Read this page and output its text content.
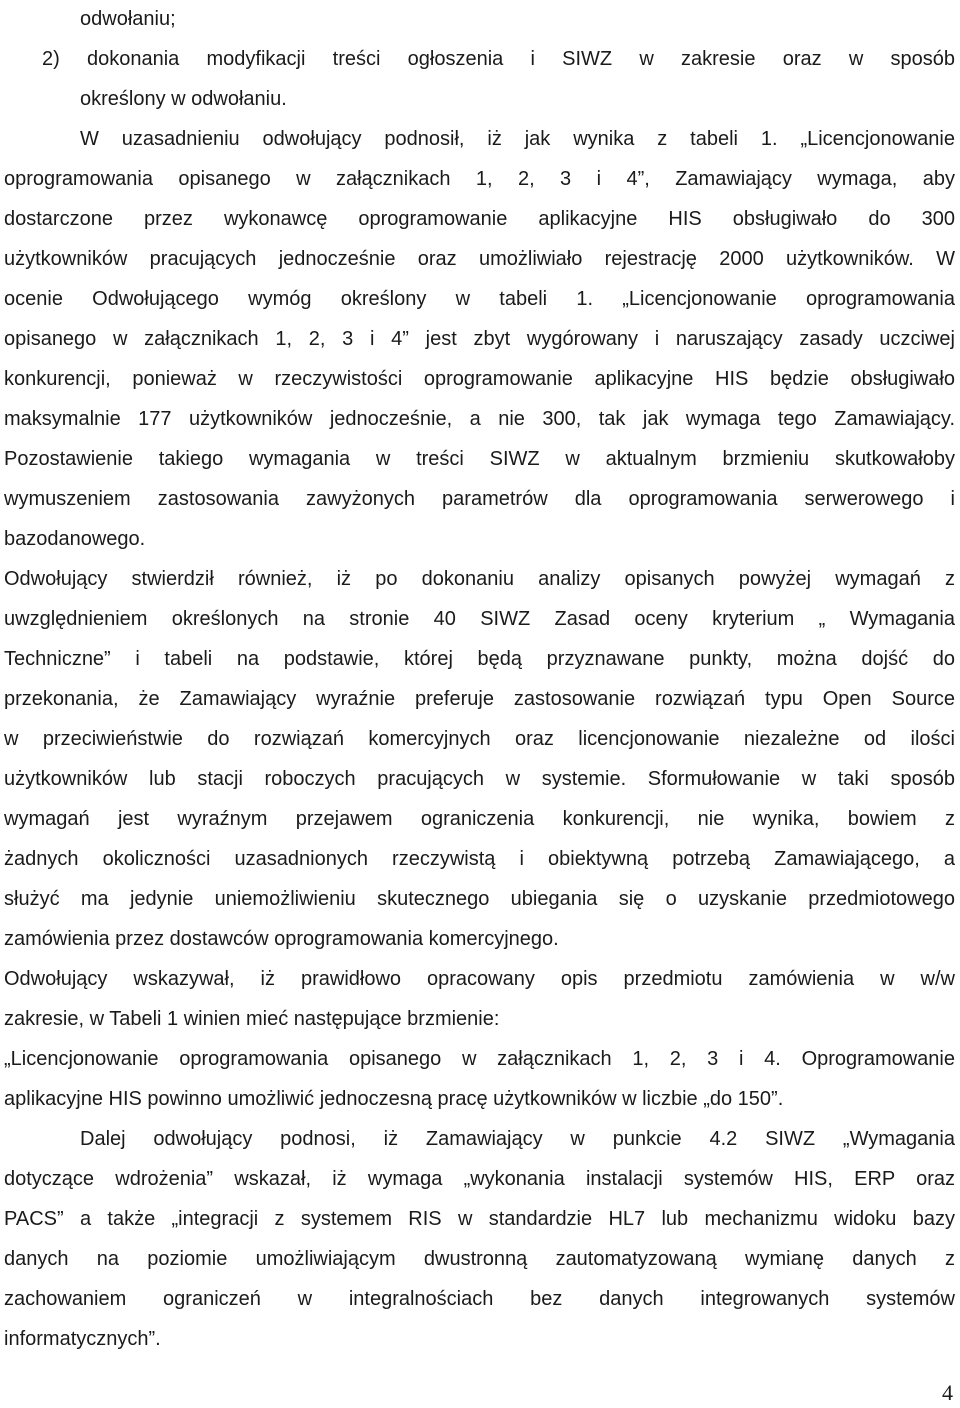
odwołaniu;
2) dokonania modyfikacji treści ogłoszenia i SIWZ w zakresie oraz w sposób
określony w odwołaniu.
W uzasadnieniu odwołujący podnosił, iż jak wynika z tabeli 1. „Licencjonowanie
oprogramowania opisanego w załącznikach 1, 2, 3 i 4”, Zamawiający wymaga, aby
dostarczone przez wykonawcę oprogramowanie aplikacyjne HIS obsługiwało do 300
użytkowników pracujących jednocześnie oraz umożliwiało rejestrację 2000 użytkowników. W
ocenie Odwołującego wymóg określony w tabeli 1. „Licencjonowanie oprogramowania
opisanego w załącznikach 1, 2, 3 i 4” jest zbyt wygórowany i naruszający zasady uczciwej
konkurencji, ponieważ w rzeczywistości oprogramowanie aplikacyjne HIS będzie obsługiwało
maksymalnie 177 użytkowników jednocześnie, a nie 300, tak jak wymaga tego Zamawiający.
Pozostawienie takiego wymagania w treści SIWZ w aktualnym brzmieniu skutkowałoby
wymuszeniem zastosowania zawyżonych parametrów dla oprogramowania serwerowego i
bazodanowego.
Odwołujący stwierdził również, iż po dokonaniu analizy opisanych powyżej wymagań z
uwzględnieniem określonych na stronie 40 SIWZ Zasad oceny kryterium „ Wymagania
Techniczne” i tabeli na podstawie, której będą przyznawane punkty, można dojść do
przekonania, że Zamawiający wyraźnie preferuje zastosowanie rozwiązań typu Open Source
w przeciwieństwie do rozwiązań komercyjnych oraz licencjonowanie niezależne od ilości
użytkowników lub stacji roboczych pracujących w systemie. Sformułowanie w taki sposób
wymagań jest wyraźnym przejawem ograniczenia konkurencji, nie wynika, bowiem z
żadnych okoliczności uzasadnionych rzeczywistą i obiektywną potrzebą Zamawiającego, a
służyć ma jedynie uniemożliwieniu skutecznego ubiegania się o uzyskanie przedmiotowego
zamówienia przez dostawców oprogramowania komercyjnego.
Odwołujący wskazywał, iż prawidłowo opracowany opis przedmiotu zamówienia w w/w
zakresie, w Tabeli 1 winien mieć następujące brzmienie:
„Licencjonowanie oprogramowania opisanego w załącznikach 1, 2, 3 i 4. Oprogramowanie
aplikacyjne HIS powinno umożliwić jednoczesną pracę użytkowników w liczbie „do 150”.
Dalej odwołujący podnosi, iż Zamawiający w punkcie 4.2 SIWZ „Wymagania
dotyczące wdrożenia” wskazał, iż wymaga „wykonania instalacji systemów HIS, ERP oraz
PACS” a także „integracji z systemem RIS w standardzie HL7 lub mechanizmu widoku bazy
danych na poziomie umożliwiającym dwustronną zautomatyzowaną wymianę danych z
zachowaniem ograniczeń w integralnościach bez danych integrowanych systemów
informatycznych”.
4
